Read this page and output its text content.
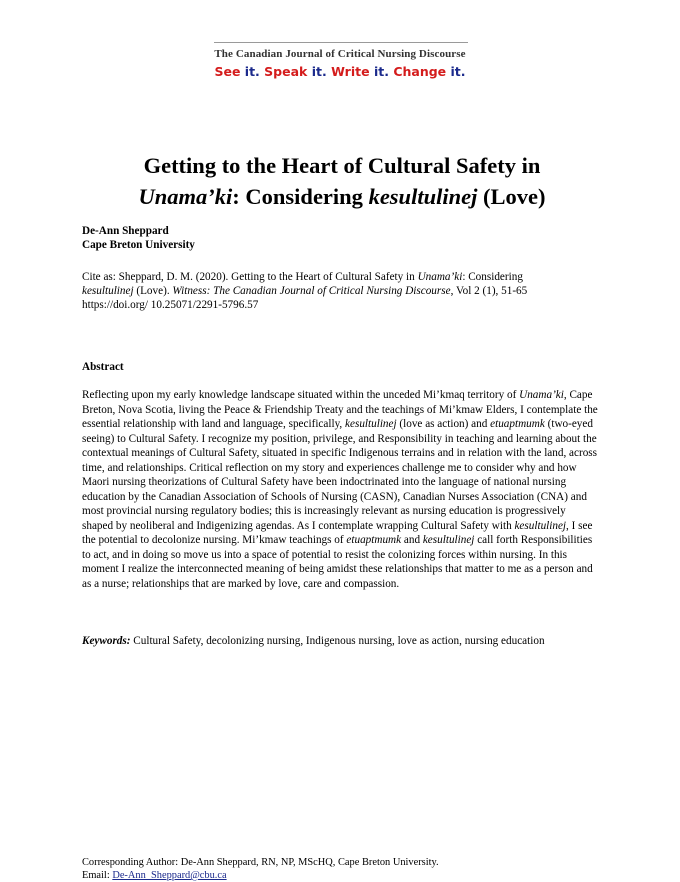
The Canadian Journal of Critical Nursing Discourse
See it. Speak it. Write it. Change it.
Getting to the Heart of Cultural Safety in
Unama’ki: Considering kesultulinej (Love)
De-Ann Sheppard
Cape Breton University
Cite as: Sheppard, D. M. (2020). Getting to the Heart of Cultural Safety in Unama’ki: Considering
kesultulinej (Love). Witness: The Canadian Journal of Critical Nursing Discourse, Vol 2 (1), 51-65
https://doi.org/ 10.25071/2291-5796.57
Abstract
Reflecting upon my early knowledge landscape situated within the unceded Mi’kmaq territory of Unama’ki, Cape Breton, Nova Scotia, living the Peace & Friendship Treaty and the teachings of Mi’kmaw Elders, I contemplate the essential relationship with land and language, specifically, kesultulinej (love as action) and etuaptmumk (two-eyed seeing) to Cultural Safety. I recognize my position, privilege, and Responsibility in teaching and learning about the contextual meanings of Cultural Safety, situated in specific Indigenous terrains and in relation with the land, across time, and relationships. Critical reflection on my story and experiences challenge me to consider why and how Maori nursing theorizations of Cultural Safety have been indoctrinated into the language of national nursing education by the Canadian Association of Schools of Nursing (CASN), Canadian Nurses Association (CNA) and most provincial nursing regulatory bodies; this is increasingly relevant as nursing education is progressively shaped by neoliberal and Indigenizing agendas. As I contemplate wrapping Cultural Safety with kesultulinej, I see the potential to decolonize nursing. Mi’kmaw teachings of etuaptmumk and kesultulinej call forth Responsibilities to act, and in doing so move us into a space of potential to resist the colonizing forces within nursing. In this moment I realize the interconnected meaning of being amidst these relationships that matter to me as a person and as a nurse; relationships that are marked by love, care and compassion.
Keywords: Cultural Safety, decolonizing nursing, Indigenous nursing, love as action, nursing education
Corresponding Author: De-Ann Sheppard, RN, NP, MScHQ, Cape Breton University.
Email: De-Ann_Sheppard@cbu.ca
